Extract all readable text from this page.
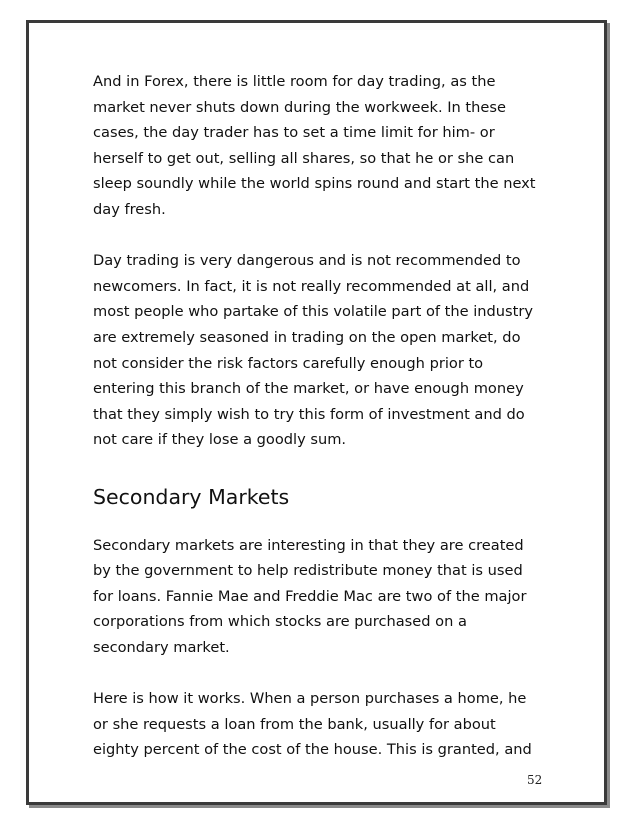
And in Forex, there is little room for day trading, as the

market never shuts down during the workweek. In these

cases, the day trader has to set a time limit for him- or

herself to get out, selling all shares, so that he or she can

sleep soundly while the world spins round and start the next

day fresh.

Day trading is very dangerous and is not recommended to

newcomers. In fact, it is not really recommended at all, and

most people who partake of this volatile part of the industry

are extremely seasoned in trading on the open market, do

not consider the risk factors carefully enough prior to

entering this branch of the market, or have enough money

that they simply wish to try this form of investment and do

not care if they lose a goodly sum.

Secondary Markets

Secondary markets are interesting in that they are created

by the government to help redistribute money that is used

for loans. Fannie Mae and Freddie Mac are two of the major

corporations from which stocks are purchased on a

secondary market.

Here is how it works. When a person purchases a home, he

or she requests a loan from the bank, usually for about

eighty percent of the cost of the house. This is granted, and

52
